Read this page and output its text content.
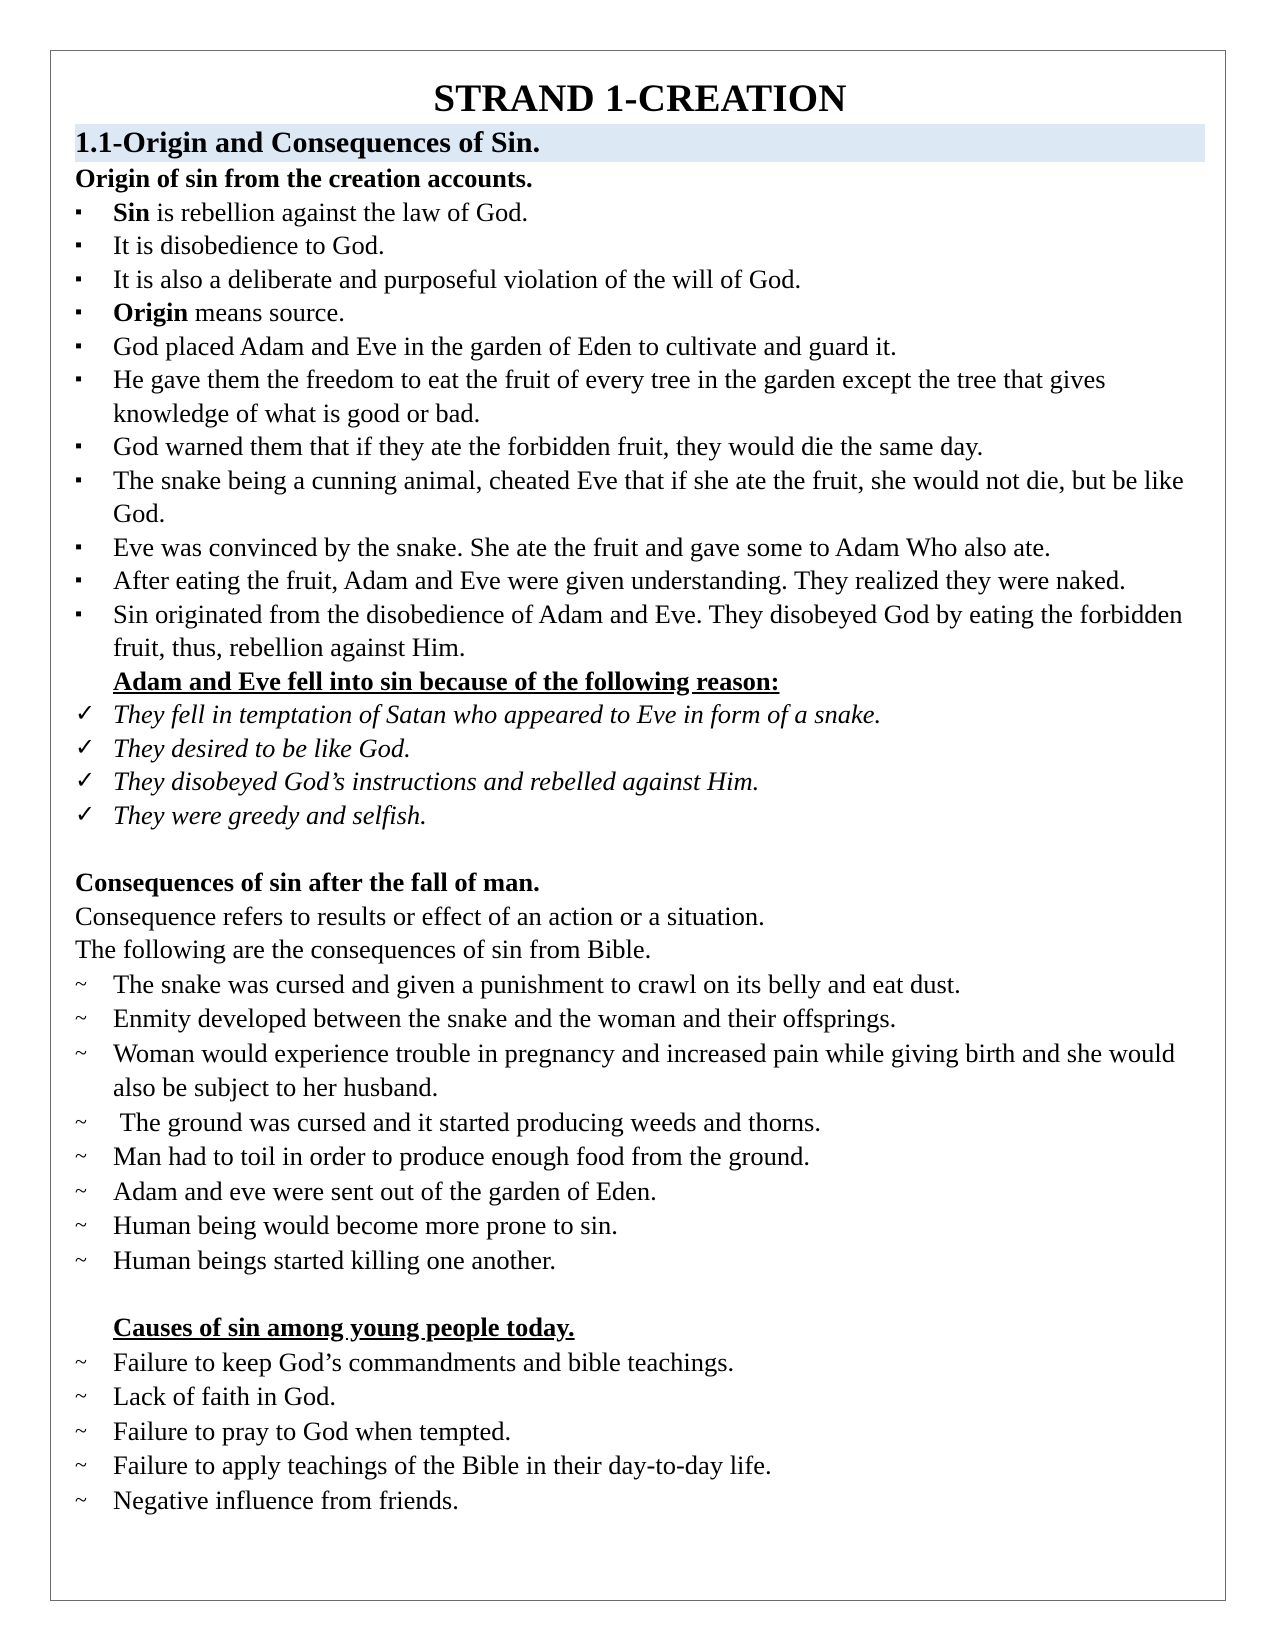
STRAND 1-CREATION
1.1-Origin and Consequences of Sin.
Origin of sin from the creation accounts.
▪	Sin is rebellion against the law of God.
▪	It is disobedience to God.
▪	It is also a deliberate and purposeful violation of the will of God.
▪	Origin means source.
▪	God placed Adam and Eve in the garden of Eden to cultivate and guard it.
▪	He gave them the freedom to eat the fruit of every tree in the garden except the tree that gives knowledge of what is good or bad.
▪	God warned them that if they ate the forbidden fruit, they would die the same day.
▪	The snake being a cunning animal, cheated Eve that if she ate the fruit, she would not die, but be like God.
▪	Eve was convinced by the snake. She ate the fruit and gave some to Adam Who also ate.
▪	After eating the fruit, Adam and Eve were given understanding. They realized they were naked.
▪	Sin originated from the disobedience of Adam and Eve. They disobeyed God by eating the forbidden fruit, thus, rebellion against Him.
Adam and Eve fell into sin because of the following reason:
✓ They fell in temptation of Satan who appeared to Eve in form of a snake.
✓ They desired to be like God.
✓ They disobeyed God’s instructions and rebelled against Him.
✓ They were greedy and selfish.
Consequences of sin after the fall of man.
Consequence refers to results or effect of an action or a situation.
The following are the consequences of sin from Bible.
~ The snake was cursed and given a punishment to crawl on its belly and eat dust.
~ Enmity developed between the snake and the woman and their offsprings.
~ Woman would experience trouble in pregnancy and increased pain while giving birth and she would also be subject to her husband.
~ The ground was cursed and it started producing weeds and thorns.
~ Man had to toil in order to produce enough food from the ground.
~ Adam and eve were sent out of the garden of Eden.
~ Human being would become more prone to sin.
~ Human beings started killing one another.
Causes of sin among young people today.
~ Failure to keep God’s commandments and bible teachings.
~ Lack of faith in God.
~ Failure to pray to God when tempted.
~ Failure to apply teachings of the Bible in their day-to-day life.
~ Negative influence from friends.
